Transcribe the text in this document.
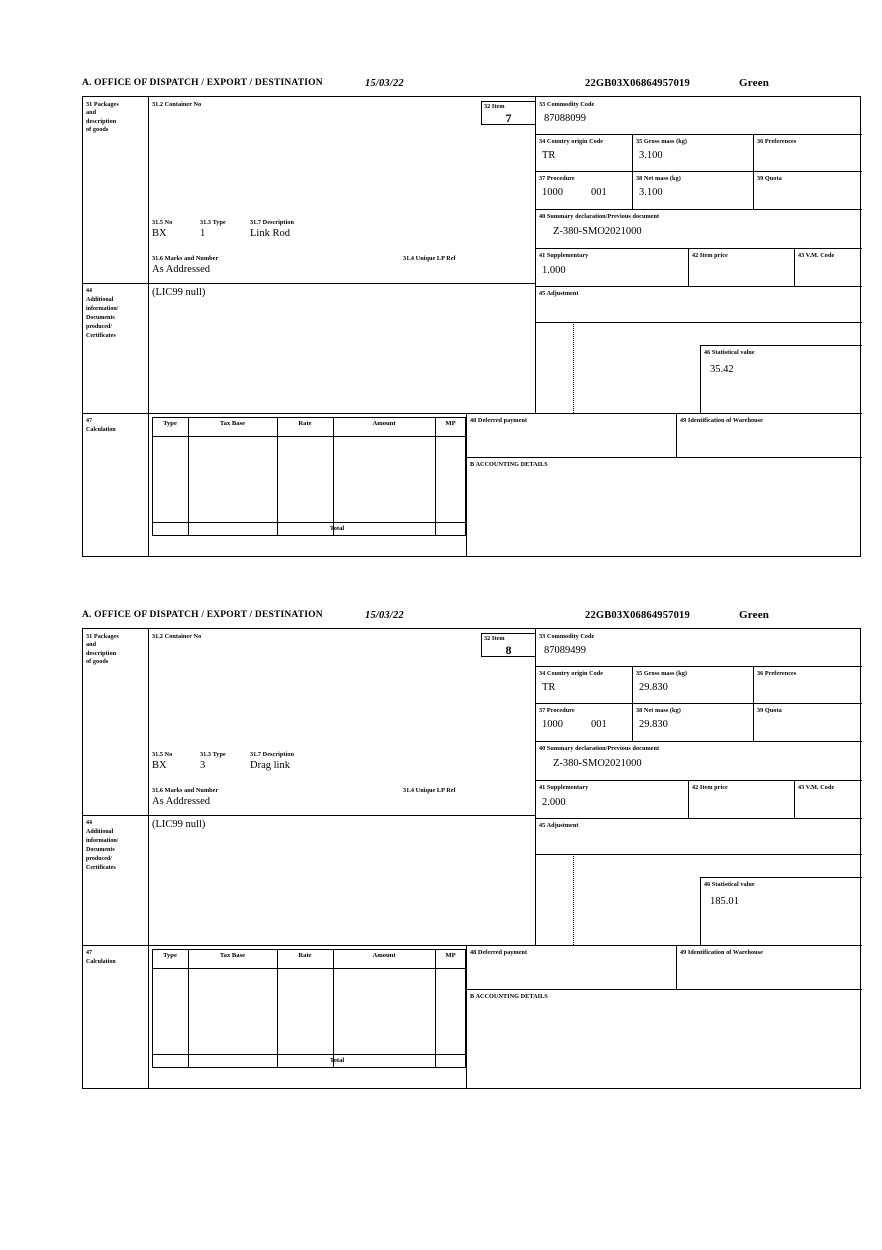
A. OFFICE OF DISPATCH / EXPORT / DESTINATION	15/03/22	22GB03X06864957019	Green
31 Packages
and
description
of goods
31.2 Container No	32 Item
7
31.5 No	31.3 Type	31.7 Description
BX	1	Link Rod
31.6 Marks and Number	31.4 Unique LP Ref
As Addressed
33 Commodity Code
87088099
34 Country origin Code
TR
35 Gross mass (kg)
3.100
36 Preferences
37 Procedure
1000	001
38 Net mass (kg)
3.100
39 Quota
40 Summary declaration/Previous document
Z-380-SMO2021000
41 Supplementary
1.000
42 Item price	43 V.M. Code
45 Adjustment
46 Statistical value
35.42
44
Additional
information/
Documents
produced/
Certificates
(LIC99 null)
47
Calculation
Type	Tax Base	Rate	Amount	MP
Total
48 Deferred payment	49 Identification of Warehouse
B ACCOUNTING DETAILS
A. OFFICE OF DISPATCH / EXPORT / DESTINATION	15/03/22	22GB03X06864957019	Green
31 Packages
and
description
of goods
31.2 Container No	32 Item
8
31.5 No	31.3 Type	31.7 Description
BX	3	Drag link
31.6 Marks and Number	31.4 Unique LP Ref
As Addressed
33 Commodity Code
87089499
34 Country origin Code
TR
35 Gross mass (kg)
29.830
36 Preferences
37 Procedure
1000	001
38 Net mass (kg)
29.830
39 Quota
40 Summary declaration/Previous document
Z-380-SMO2021000
41 Supplementary
2.000
42 Item price	43 V.M. Code
45 Adjustment
46 Statistical value
185.01
44
Additional
information/
Documents
produced/
Certificates
(LIC99 null)
47
Calculation
Type	Tax Base	Rate	Amount	MP
Total
48 Deferred payment	49 Identification of Warehouse
B ACCOUNTING DETAILS
